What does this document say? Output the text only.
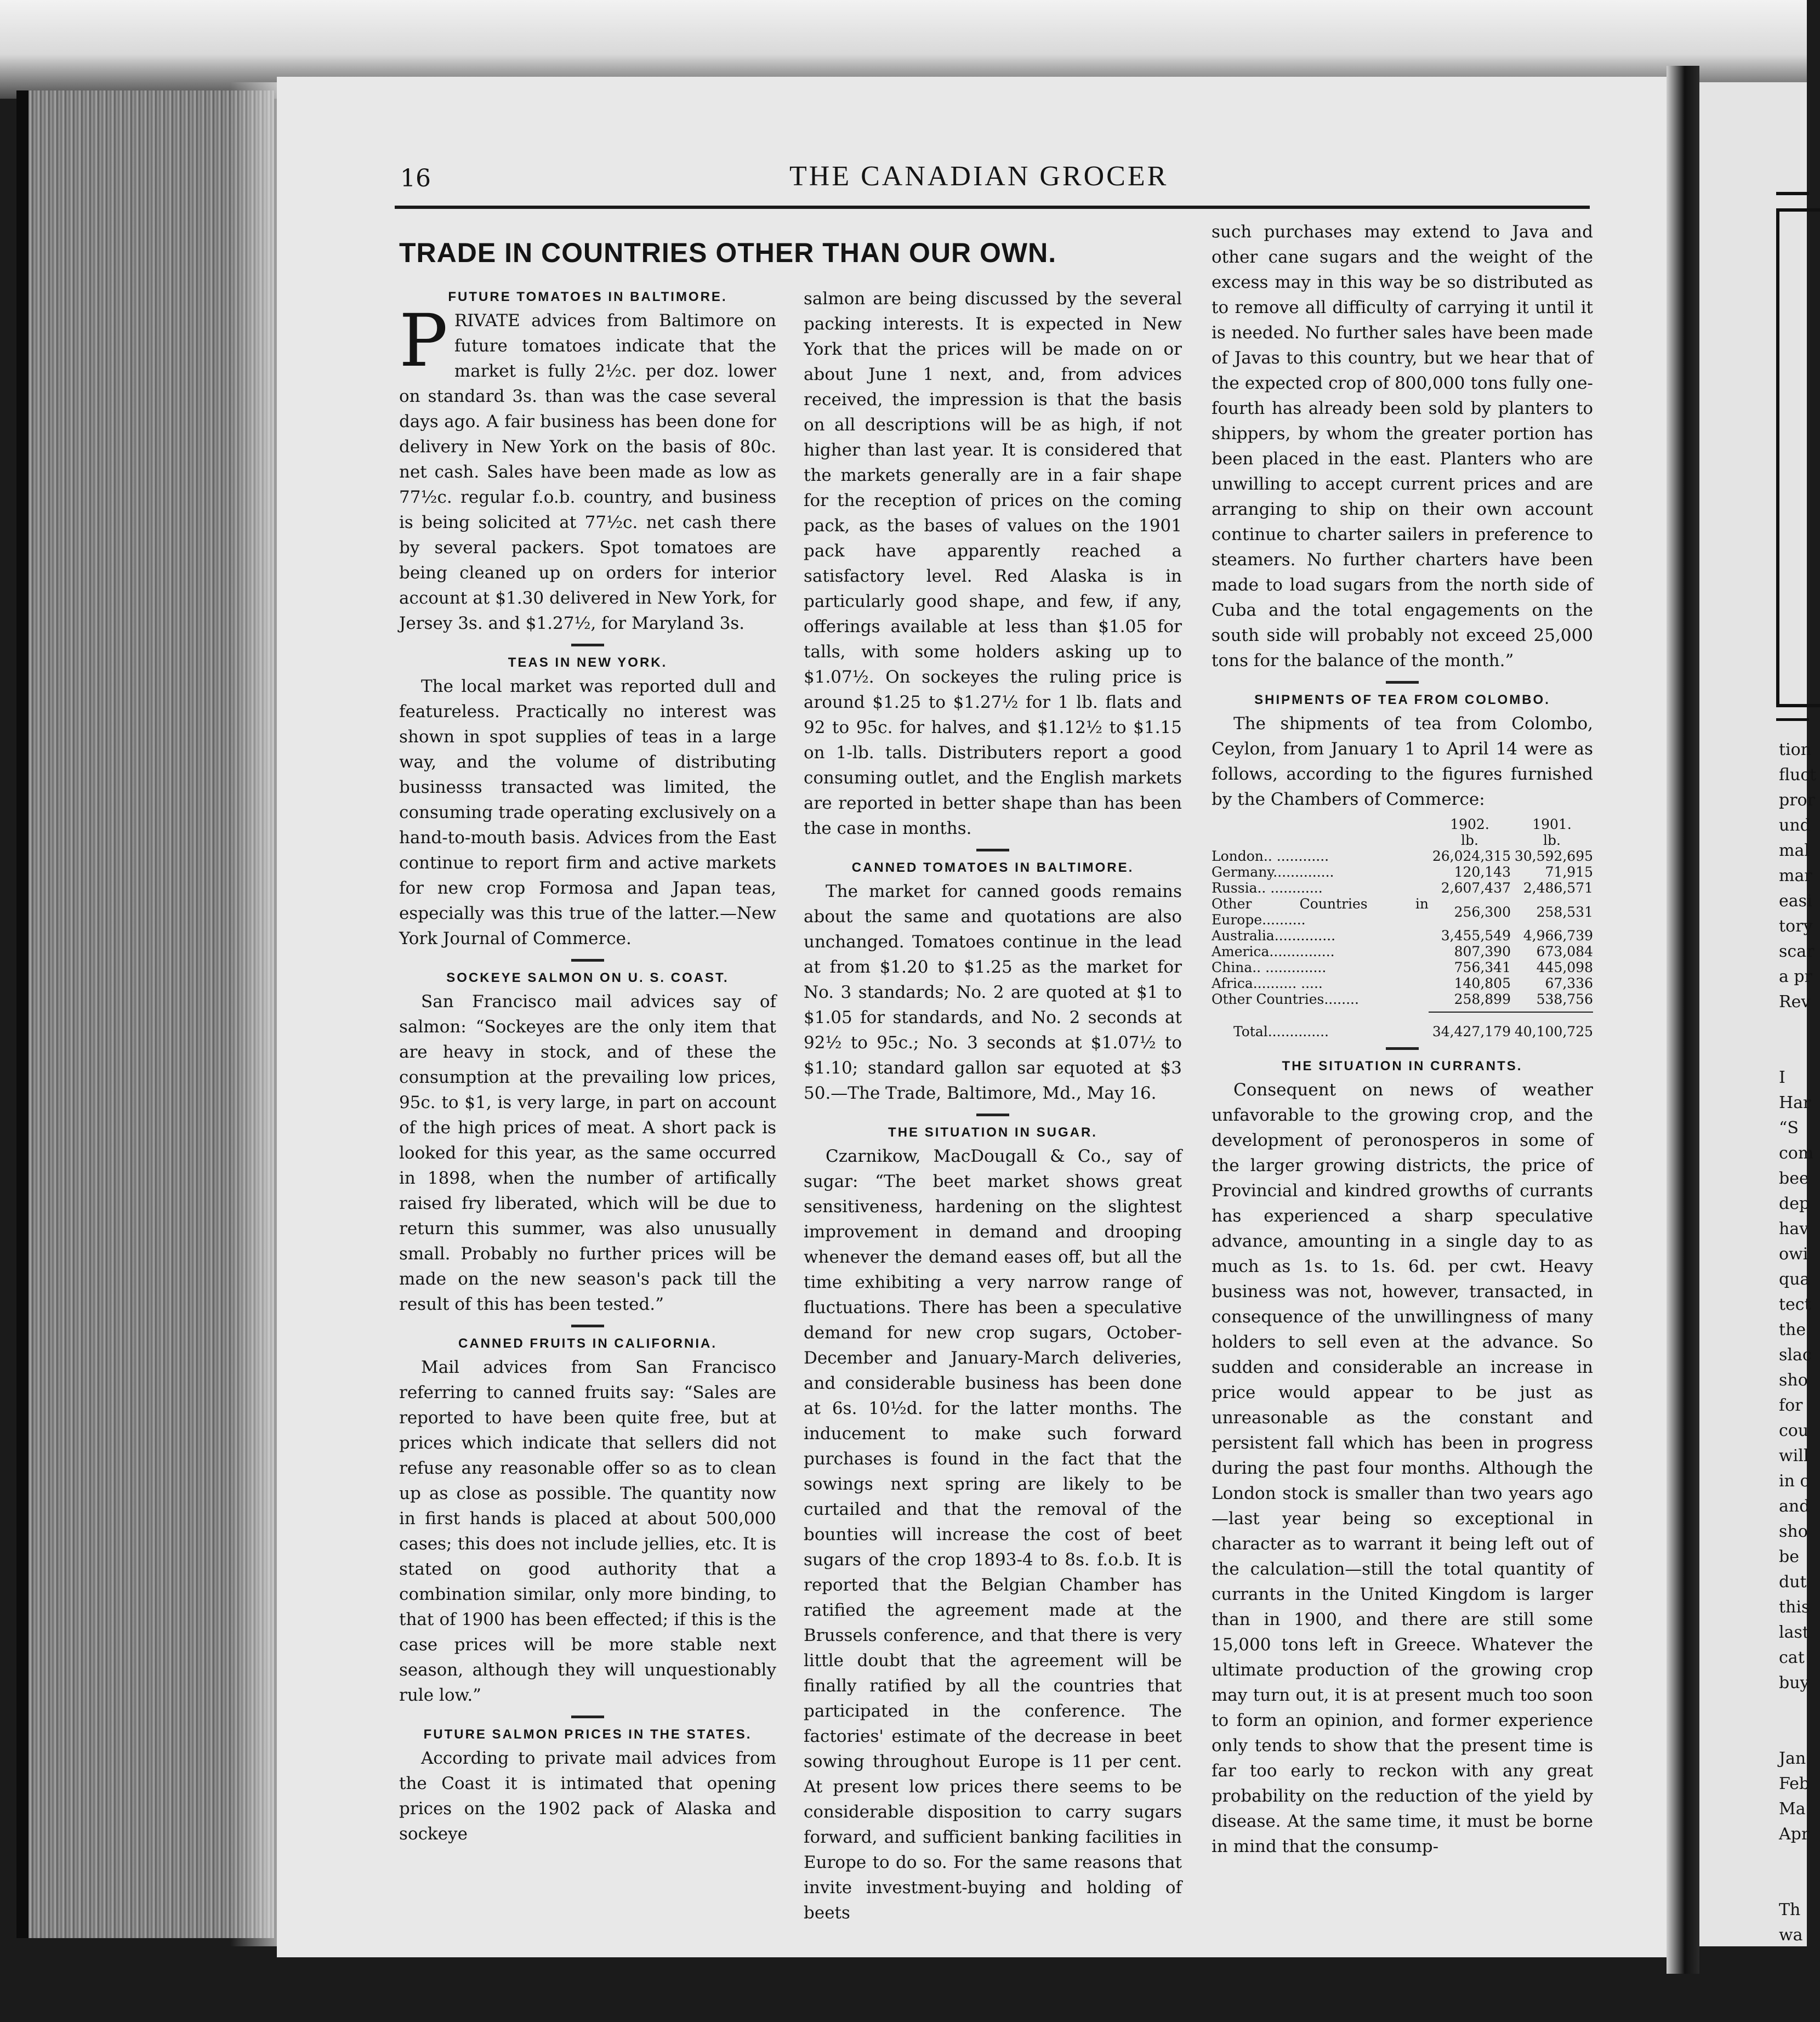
tion
fluct
pror
und
mal
mar
easi
tory
scar
a pr
Rev
I
Har
“S
com
bee
dep
hav
owi
qua
tect
the
slac
sho
for
cou
will
in c
and
sho
be
dut
this
last
cat
buy
Jan
Feb
Ma
Apr
Th
wa
16	THE CANADIAN GROCER
TRADE IN COUNTRIES OTHER THAN OUR OWN.
FUTURE TOMATOES IN BALTIMORE.

PRIVATE advices from Baltimore on future tomatoes indicate that the market is fully 2½c. per doz. lower on standard 3s. than was the case several days ago. A fair business has been done for delivery in New York on the basis of 80c. net cash. Sales have been made as low as 77½c. regular f.o.b. country, and business is being solicited at 77½c. net cash there by several packers. Spot tomatoes are being cleaned up on orders for interior account at $1.30 delivered in New York, for Jersey 3s. and $1.27½, for Maryland 3s.

TEAS IN NEW YORK.

The local market was reported dull and featureless. Practically no interest was shown in spot supplies of teas in a large way, and the volume of distributing businesss transacted was limited, the consuming trade operating exclusively on a hand-to-mouth basis. Advices from the East continue to report firm and active markets for new crop Formosa and Japan teas, especially was this true of the latter.—New York Journal of Commerce.

SOCKEYE SALMON ON U. S. COAST.

San Francisco mail advices say of salmon: “Sockeyes are the only item that are heavy in stock, and of these the consumption at the prevailing low prices, 95c. to $1, is very large, in part on account of the high prices of meat. A short pack is looked for this year, as the same occurred in 1898, when the number of artifically raised fry liberated, which will be due to return this summer, was also unusually small. Probably no further prices will be made on the new season's pack till the result of this has been tested.”

CANNED FRUITS IN CALIFORNIA.

Mail advices from San Francisco referring to canned fruits say: “Sales are reported to have been quite free, but at prices which indicate that sellers did not refuse any reasonable offer so as to clean up as close as possible. The quantity now in first hands is placed at about 500,000 cases; this does not include jellies, etc. It is stated on good authority that a combination similar, only more binding, to that of 1900 has been effected; if this is the case prices will be more stable next season, although they will unquestionably rule low.”

FUTURE SALMON PRICES IN THE STATES.

According to private mail advices from the Coast it is intimated that opening prices on the 1902 pack of Alaska and sockeye

salmon are being discussed by the several packing interests. It is expected in New York that the prices will be made on or about June 1 next, and, from advices received, the impression is that the basis on all descriptions will be as high, if not higher than last year. It is considered that the markets generally are in a fair shape for the reception of prices on the coming pack, as the bases of values on the 1901 pack have apparently reached a satisfactory level. Red Alaska is in particularly good shape, and few, if any, offerings available at less than $1.05 for talls, with some holders asking up to $1.07½. On sockeyes the ruling price is around $1.25 to $1.27½ for 1 lb. flats and 92 to 95c. for halves, and $1.12½ to $1.15 on 1-lb. talls. Distributers report a good consuming outlet, and the English markets are reported in better shape than has been the case in months.

CANNED TOMATOES IN BALTIMORE.

The market for canned goods remains about the same and quotations are also unchanged. Tomatoes continue in the lead at from $1.20 to $1.25 as the market for No. 3 standards; No. 2 are quoted at $1 to $1.05 for standards, and No. 2 seconds at 92½ to 95c.; No. 3 seconds at $1.07½ to $1.10; standard gallon sar equoted at $3 50.—The Trade, Baltimore, Md., May 16.

THE SITUATION IN SUGAR.

Czarnikow, MacDougall & Co., say of sugar: “The beet market shows great sensitiveness, hardening on the slightest improvement in demand and drooping whenever the demand eases off, but all the time exhibiting a very narrow range of fluctuations. There has been a speculative demand for new crop sugars, October-December and January-March deliveries, and considerable business has been done at 6s. 10½d. for the latter months. The inducement to make such forward purchases is found in the fact that the sowings next spring are likely to be curtailed and that the removal of the bounties will increase the cost of beet sugars of the crop 1893-4 to 8s. f.o.b. It is reported that the Belgian Chamber has ratified the agreement made at the Brussels conference, and that there is very little doubt that the agreement will be finally ratified by all the countries that participated in the conference. The factories' estimate of the decrease in beet sowing throughout Europe is 11 per cent. At present low prices there seems to be considerable disposition to carry sugars forward, and sufficient banking facilities in Europe to do so. For the same reasons that invite investment-buying and holding of beets

such purchases may extend to Java and other cane sugars and the weight of the excess may in this way be so distributed as to remove all difficulty of carrying it until it is needed. No further sales have been made of Javas to this country, but we hear that of the expected crop of 800,000 tons fully one-fourth has already been sold by planters to shippers, by whom the greater portion has been placed in the east. Planters who are unwilling to accept current prices and are arranging to ship on their own account continue to charter sailers in preference to steamers. No further charters have been made to load sugars from the north side of Cuba and the total engagements on the south side will probably not exceed 25,000 tons for the balance of the month.”

SHIPMENTS OF TEA FROM COLOMBO.

The shipments of tea from Colombo, Ceylon, from January 1 to April 14 were as follows, according to the figures furnished by the Chambers of Commerce:

	1902.	1901.
	lb.	lb.
London.. ............	26,024,315	30,592,695
Germany..............	120,143	71,915
Russia.. ............	2,607,437	2,486,571
Other Countries in Europe..........	256,300	258,531
Australia..............	3,455,549	4,966,739
America...............	807,390	673,084
China.. ..............	756,341	445,098
Africa.......... .....	140,805	67,336
Other Countries........	258,899	538,756
Total..............	34,427,179	40,100,725
THE SITUATION IN CURRANTS.

Consequent on news of weather unfavorable to the growing crop, and the development of peronosperos in some of the larger growing districts, the price of Provincial and kindred growths of currants has experienced a sharp speculative advance, amounting in a single day to as much as 1s. to 1s. 6d. per cwt. Heavy business was not, however, transacted, in consequence of the unwillingness of many holders to sell even at the advance. So sudden and considerable an increase in price would appear to be just as unreasonable as the constant and persistent fall which has been in progress during the past four months. Although the London stock is smaller than two years ago—last year being so exceptional in character as to warrant it being left out of the calculation—still the total quantity of currants in the United Kingdom is larger than in 1900, and there are still some 15,000 tons left in Greece. Whatever the ultimate production of the growing crop may turn out, it is at present much too soon to form an opinion, and former experience only tends to show that the present time is far too early to reckon with any great probability on the reduction of the yield by disease. At the same time, it must be borne in mind that the consump-
